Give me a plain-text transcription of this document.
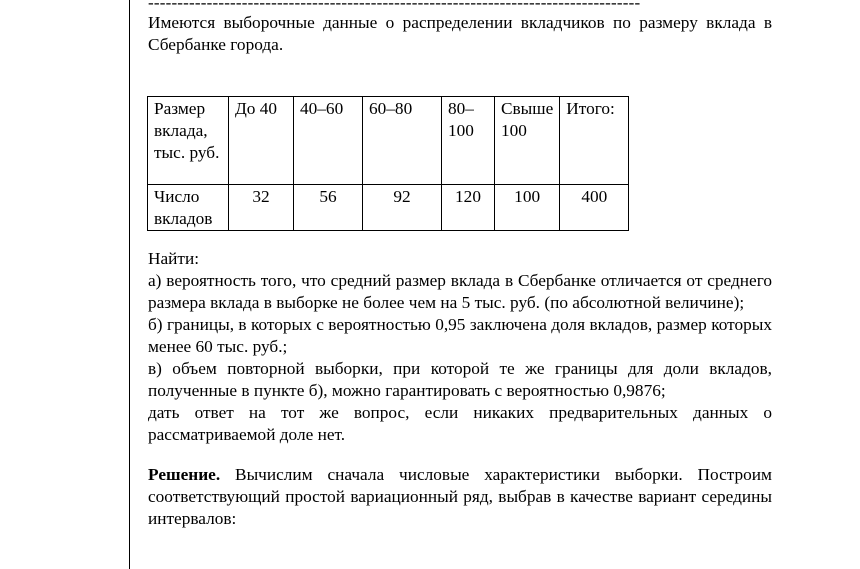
------------------------------------------------------------------------------------

Имеются выборочные данные о распределении вкладчиков по размеру вклада в Сбербанке города.

Размер вклада, тыс. руб.	До 40	40–60	60–80	80–100	Свыше 100	Итого:
Число вкладов	32	56	92	120	100	400

Найти:

а) вероятность того, что средний размер вклада в Сбербанке отличается от среднего размера вклада в выборке не более чем на 5 тыс. руб. (по абсолютной величине);

б) границы, в которых с вероятностью 0,95 заключена доля вкладов, размер которых менее 60 тыс. руб.;

в) объем повторной выборки, при которой те же границы для доли вкладов, полученные в пункте б), можно гарантировать с вероятностью 0,9876;

дать ответ на тот же вопрос, если никаких предварительных данных о рассматриваемой доле нет.

Решение. Вычислим сначала числовые характеристики выборки. Построим соответствующий простой вариационный ряд, выбрав в качестве вариант середины интервалов:
